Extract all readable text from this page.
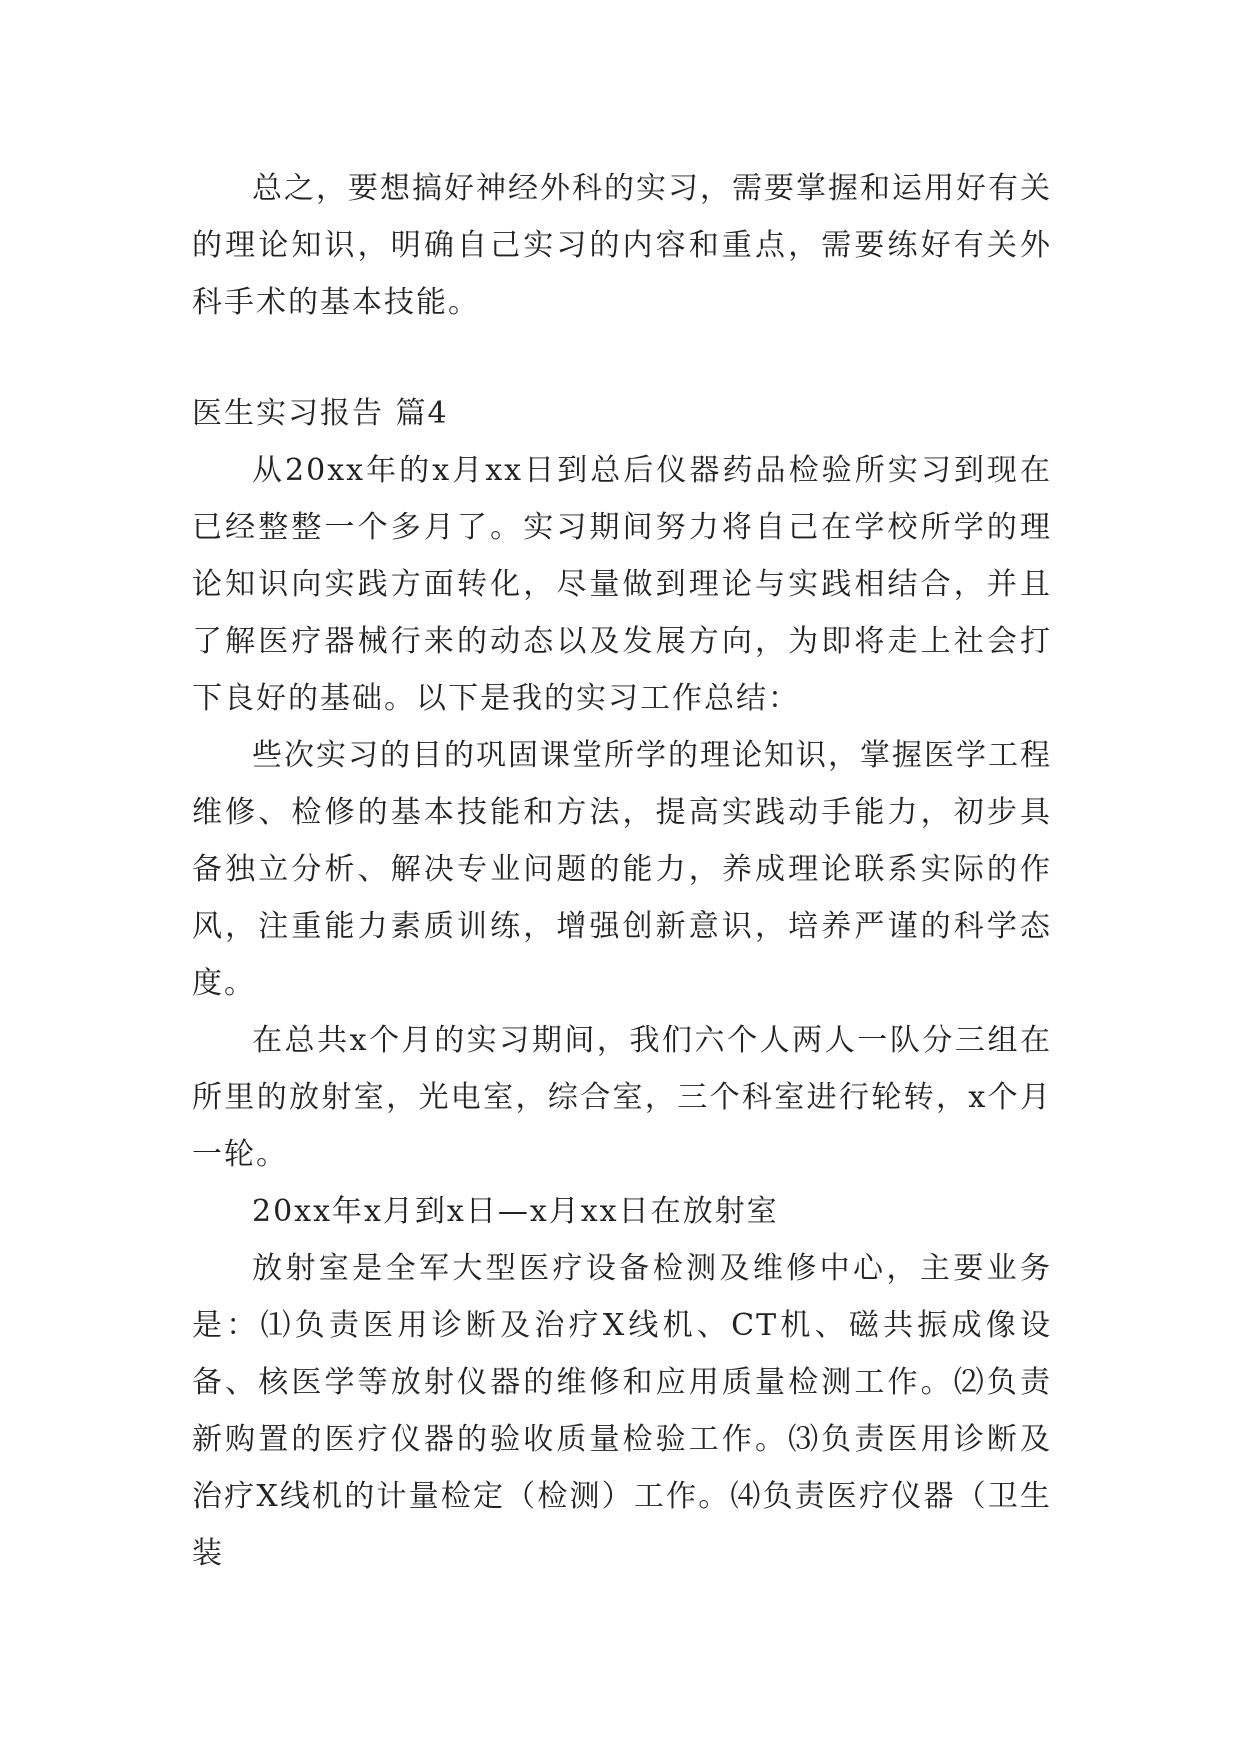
总之，要想搞好神经外科的实习，需要掌握和运用好有关的理论知识，明确自己实习的内容和重点，需要练好有关外科手术的基本技能。

医生实习报告 篇4

从20xx年的x月xx日到总后仪器药品检验所实习到现在已经整整一个多月了。实习期间努力将自己在学校所学的理论知识向实践方面转化，尽量做到理论与实践相结合，并且了解医疗器械行来的动态以及发展方向，为即将走上社会打下良好的基础。以下是我的实习工作总结：

些次实习的目的巩固课堂所学的理论知识，掌握医学工程维修、检修的基本技能和方法，提高实践动手能力，初步具备独立分析、解决专业问题的能力，养成理论联系实际的作风，注重能力素质训练，增强创新意识，培养严谨的科学态度。

在总共x个月的实习期间，我们六个人两人一队分三组在所里的放射室，光电室，综合室，三个科室进行轮转，x个月一轮。

20xx年x月到x日—x月xx日在放射室

放射室是全军大型医疗设备检测及维修中心，主要业务是：⑴负责医用诊断及治疗X线机、CT机、磁共振成像设备、核医学等放射仪器的维修和应用质量检测工作。⑵负责新购置的医疗仪器的验收质量检验工作。⑶负责医用诊断及治疗X线机的计量检定（检测）工作。⑷负责医疗仪器（卫生装
